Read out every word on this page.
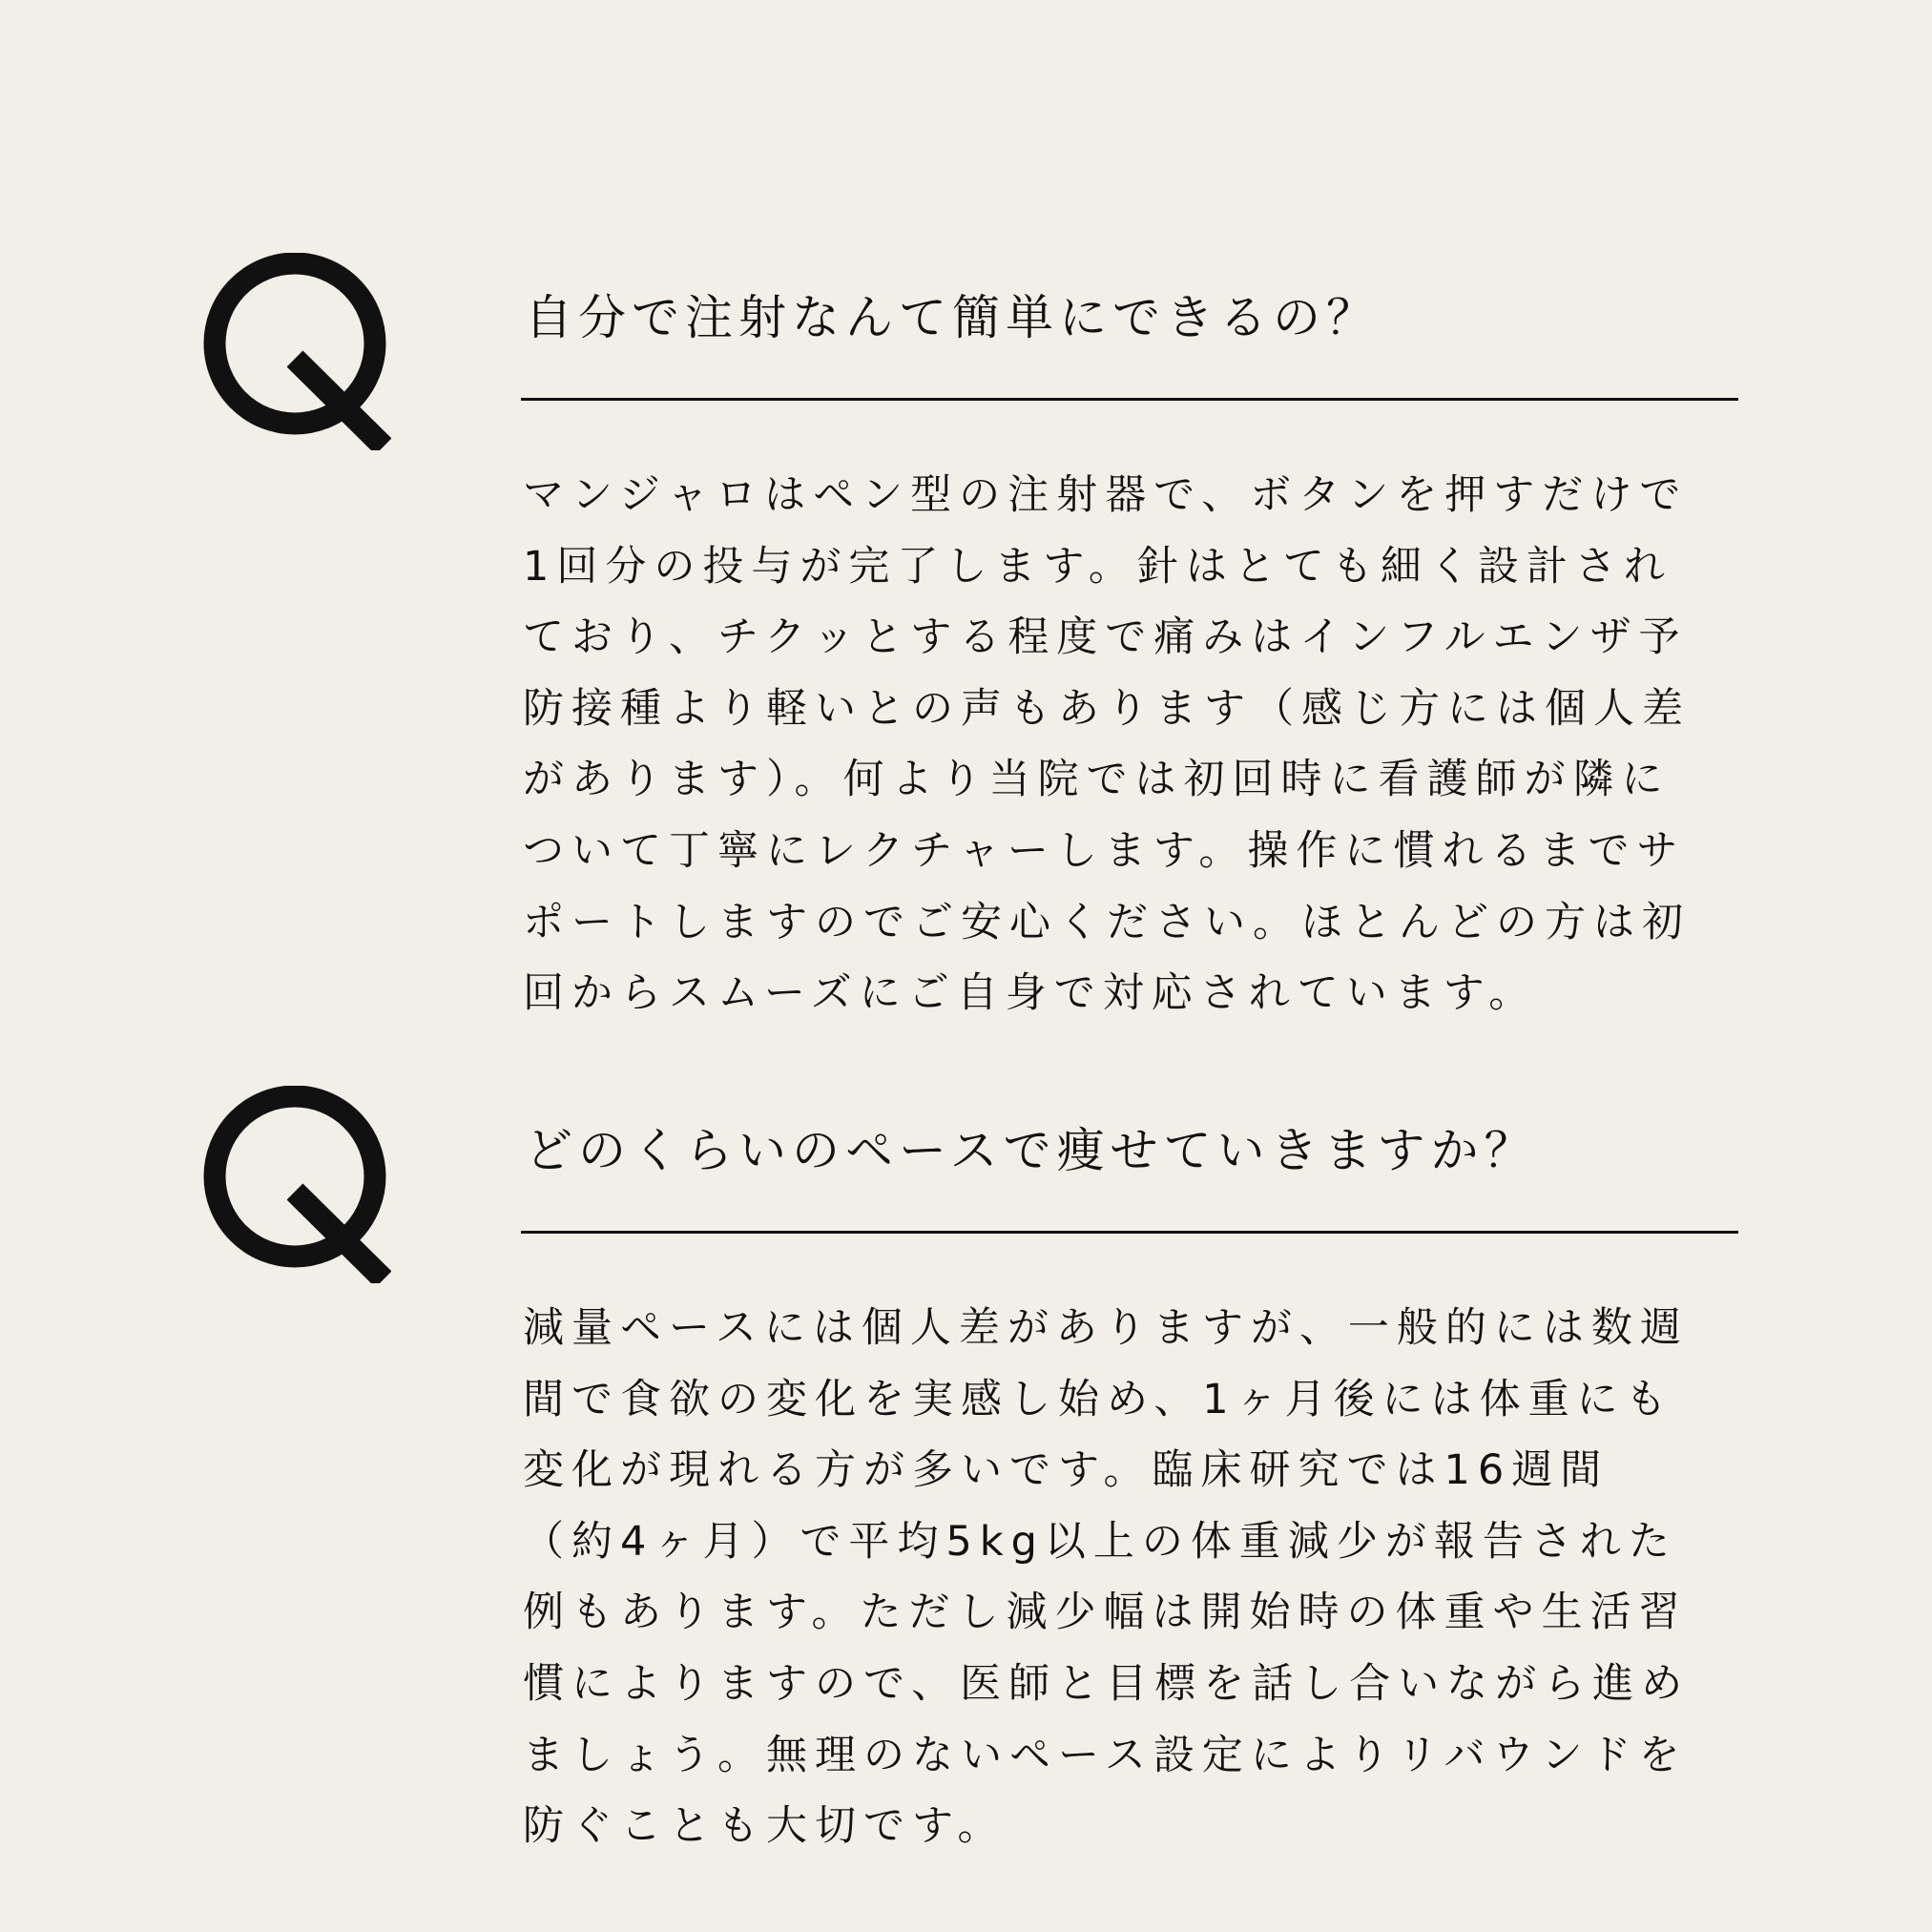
自分で注射なんて簡単にできるの？
マンジャロはペン型の注射器で、ボタンを押すだけで
1回分の投与が完了します。針はとても細く設計され
ており、チクッとする程度で痛みはインフルエンザ予
防接種より軽いとの声もあります（感じ方には個人差
があります）。何より当院では初回時に看護師が隣に
ついて丁寧にレクチャーします。操作に慣れるまでサ
ポートしますのでご安心ください。ほとんどの方は初
回からスムーズにご自身で対応されています。
どのくらいのペースで痩せていきますか？
減量ペースには個人差がありますが、一般的には数週
間で食欲の変化を実感し始め、1ヶ月後には体重にも
変化が現れる方が多いです。臨床研究では16週間
（約4ヶ月）で平均5kg以上の体重減少が報告された
例もあります。ただし減少幅は開始時の体重や生活習
慣によりますので、医師と目標を話し合いながら進め
ましょう。無理のないペース設定によりリバウンドを
防ぐことも大切です。
